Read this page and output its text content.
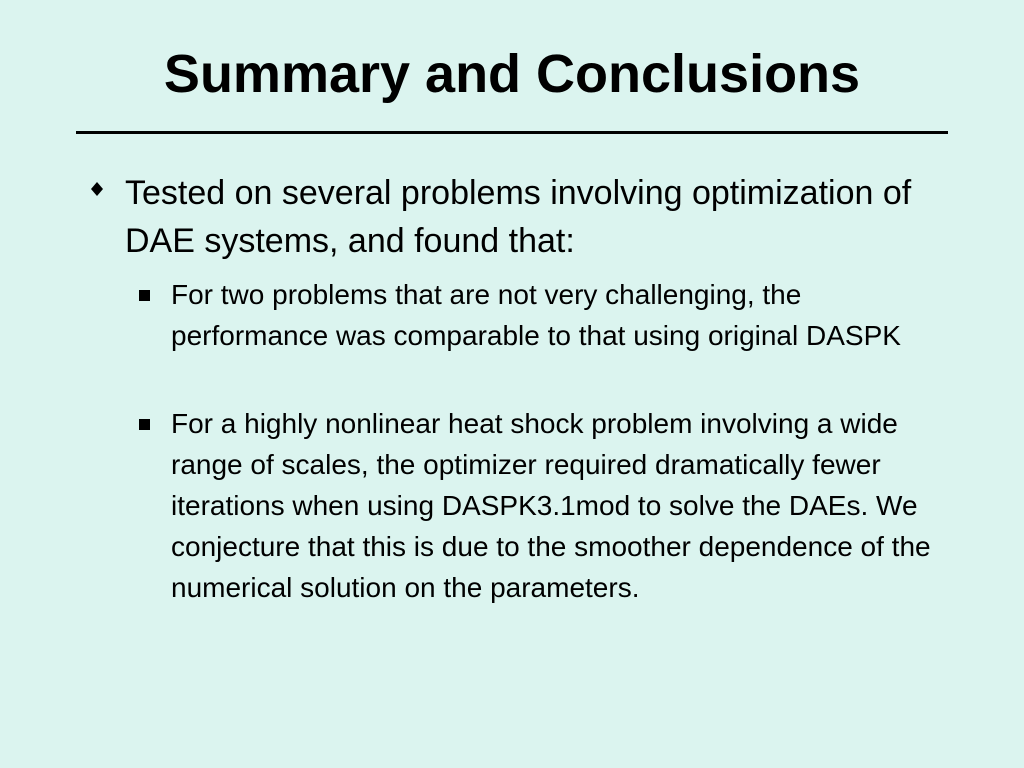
Summary and Conclusions

Tested on several problems involving optimization of DAE systems, and found that:

For two problems that are not very challenging, the performance was comparable to that using original DASPK

For a highly nonlinear heat shock problem involving a wide range of scales, the optimizer required dramatically fewer iterations when using DASPK3.1mod to solve the DAEs. We conjecture that this is due to the smoother dependence of the numerical solution on the parameters.
